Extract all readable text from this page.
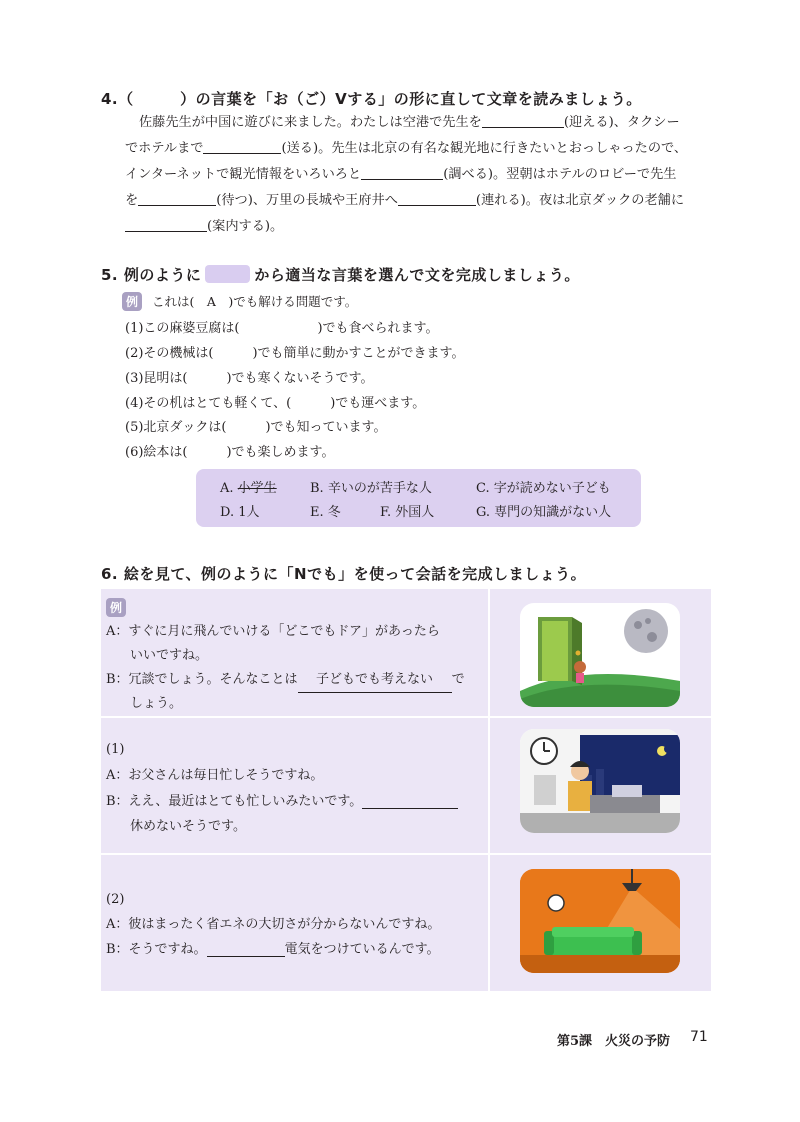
4.（　　　）の言葉を「お（ご）Vする」の形に直して文章を読みましょう。
佐藤先生が中国に遊びに来ました。わたしは空港で先生を	(迎える)、タクシー
でホテルまで	(送る)。先生は北京の有名な観光地に行きたいとおっしゃったので、
インターネットで観光情報をいろいろと	(調べる)。翌朝はホテルのロビーで先生
を	(待つ)、万里の長城や王府井へ	(連れる)。夜は北京ダックの老舗に
(案内する)。
5. 例のように	から適当な言葉を選んで文を完成しましょう。
例 これは(　A　)でも解ける問題です。
(1)この麻婆豆腐は(　　　　　　)でも食べられます。
(2)その機械は(　　　)でも簡単に動かすことができます。
(3)昆明は(　　　)でも寒くないそうです。
(4)その机はとても軽くて、(　　　)でも運べます。
(5)北京ダックは(　　　)でも知っています。
(6)絵本は(　　　)でも楽しめます。
A. 小学生	B. 辛いのが苦手な人	C. 字が読めない子ども
D. 1人	E. 冬	F. 外国人	G. 専門の知識がない人
6. 絵を見て、例のように「Nでも」を使って会話を完成しましょう。

例
A：すぐに月に飛んでいける「どこでもドア」があったら
いいですね。
B：冗談でしょう。そんなことは 子どもでも考えない で
しょう。
(1)
A：お父さんは毎日忙しそうですね。
B：ええ、最近はとても忙しいみたいです。
休めないそうです。
(2)
A：彼はまったく省エネの大切さが分からないんですね。
B：そうですね。	電気をつけているんです。
第5課　火災の予防 71
